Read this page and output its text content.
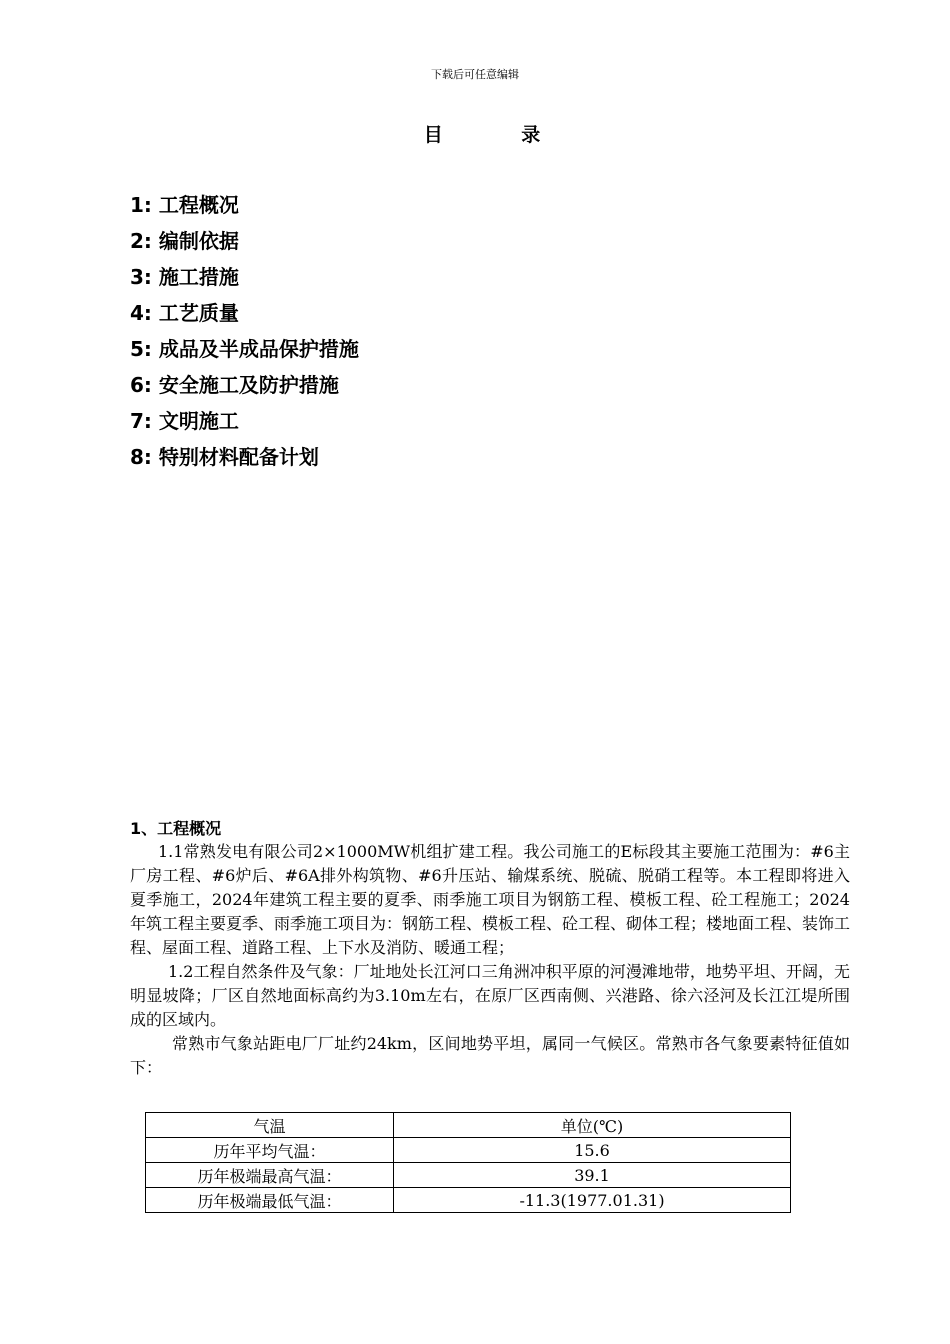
下载后可任意编辑
目 录
1: 工程概况
2: 编制依据
3: 施工措施
4: 工艺质量
5: 成品及半成品保护措施
6: 安全施工及防护措施
7: 文明施工
8: 特别材料配备计划
1、工程概况

1.1常熟发电有限公司2×1000MW机组扩建工程。我公司施工的E标段其主要施工范围为：#6主厂房工程、#6炉后、#6A排外构筑物、#6升压站、输煤系统、脱硫、脱硝工程等。本工程即将进入夏季施工，2024年建筑工程主要的夏季、雨季施工项目为钢筋工程、模板工程、砼工程施工；2024年筑工程主要夏季、雨季施工项目为：钢筋工程、模板工程、砼工程、砌体工程；楼地面工程、装饰工程、屋面工程、道路工程、上下水及消防、暖通工程；

1.2工程自然条件及气象：厂址地处长江河口三角洲冲积平原的河漫滩地带，地势平坦、开阔，无明显坡降；厂区自然地面标高约为3.10m左右，在原厂区西南侧、兴港路、徐六泾河及长江江堤所围成的区域内。

常熟市气象站距电厂厂址约24km，区间地势平坦，属同一气候区。常熟市各气象要素特征值如下：

气温	单位(℃)
历年平均气温：	15.6
历年极端最高气温：	39.1
历年极端最低气温：	-11.3(1977.01.31)
